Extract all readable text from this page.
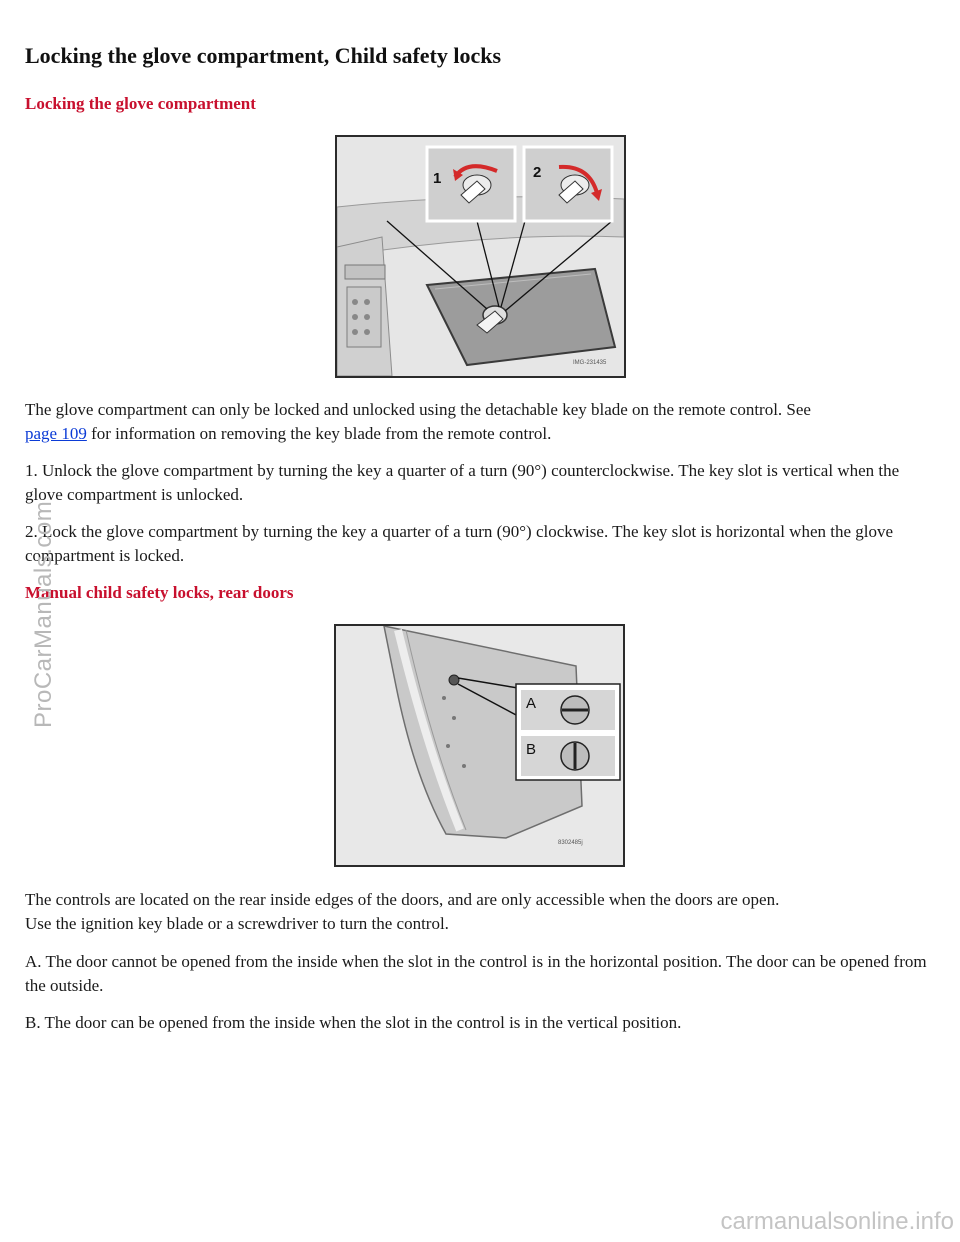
Locking the glove compartment, Child safety locks
Locking the glove compartment
1	2
IMG-231435

The glove compartment can only be locked and unlocked using the detachable key blade on the remote control. See
page 109 for information on removing the key blade from the remote control.

1. Unlock the glove compartment by turning the key a quarter of a turn (90°) counterclockwise. The key slot is vertical when the glove compartment is unlocked.

2. Lock the glove compartment by turning the key a quarter of a turn (90°) clockwise. The key slot is horizontal when the glove compartment is locked.

Manual child safety locks, rear doors
A
B
8302485j

The controls are located on the rear inside edges of the doors, and are only accessible when the doors are open.
Use the ignition key blade or a screwdriver to turn the control.

A. The door cannot be opened from the inside when the slot in the control is in the horizontal position. The door can be opened from the outside.

B. The door can be opened from the inside when the slot in the control is in the vertical position.

ProCarManuals.com
carmanualsonline.info
